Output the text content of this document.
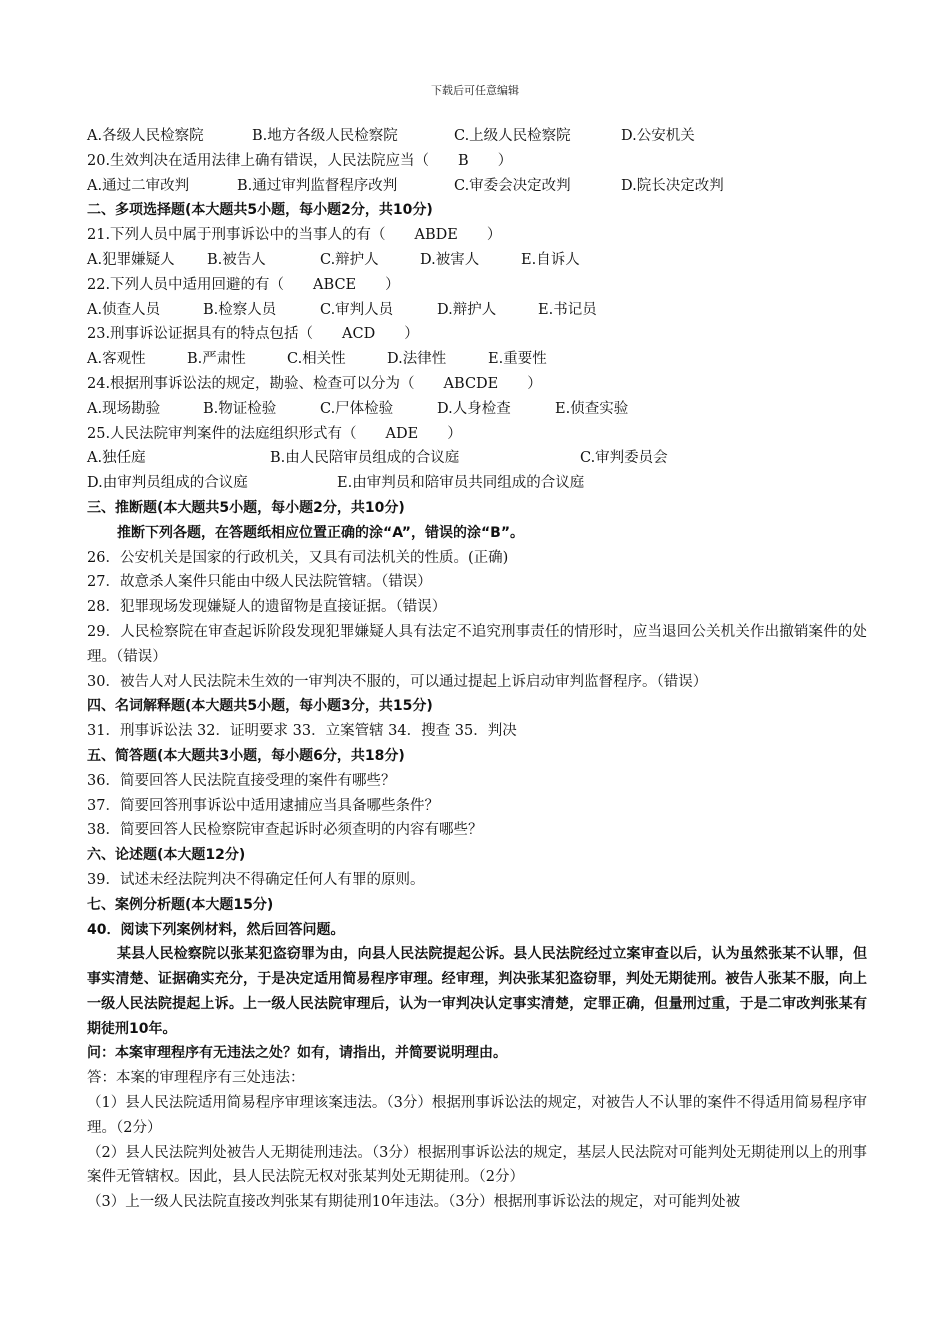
下载后可任意编辑
A.各级人民检察院	B.地方各级人民检察院	C.上级人民检察院	D.公安机关
20.生效判决在适用法律上确有错误，人民法院应当（　　B　　）
A.通过二审改判	B.通过审判监督程序改判	C.审委会决定改判	D.院长决定改判
二、多项选择题(本大题共5小题，每小题2分，共10分)
21.下列人员中属于刑事诉讼中的当事人的有（　　ABDE　　）
A.犯罪嫌疑人	B.被告人	C.辩护人	D.被害人	E.自诉人
22.下列人员中适用回避的有（　　ABCE　　）
A.侦查人员	B.检察人员	C.审判人员	D.辩护人	E.书记员
23.刑事诉讼证据具有的特点包括（　　ACD　　）
A.客观性	B.严肃性	C.相关性	D.法律性	E.重要性
24.根据刑事诉讼法的规定，勘验、检查可以分为（　　ABCDE　　）
A.现场勘验	B.物证检验	C.尸体检验	D.人身检查	E.侦查实验
25.人民法院审判案件的法庭组织形式有（　　ADE　　）
A.独任庭	B.由人民陪审员组成的合议庭	C.审判委员会
D.由审判员组成的合议庭	E.由审判员和陪审员共同组成的合议庭
三、推断题(本大题共5小题，每小题2分，共10分)
推断下列各题，在答题纸相应位置正确的涂“A”，错误的涂“B”。
26．公安机关是国家的行政机关，又具有司法机关的性质。(正确)
27．故意杀人案件只能由中级人民法院管辖。（错误）
28．犯罪现场发现嫌疑人的遗留物是直接证据。（错误）
29．人民检察院在审查起诉阶段发现犯罪嫌疑人具有法定不追究刑事责任的情形时，应当退回公关机关作出撤销案件的处理。（错误）
30．被告人对人民法院未生效的一审判决不服的，可以通过提起上诉启动审判监督程序。（错误）
四、名词解释题(本大题共5小题，每小题3分，共15分)
31．刑事诉讼法 32．证明要求 33．立案管辖 34．搜查 35．判决
五、简答题(本大题共3小题，每小题6分，共18分)
36．简要回答人民法院直接受理的案件有哪些？
37．简要回答刑事诉讼中适用逮捕应当具备哪些条件？
38．简要回答人民检察院审查起诉时必须查明的内容有哪些？
六、论述题(本大题12分)
39．试述未经法院判决不得确定任何人有罪的原则。
七、案例分析题(本大题15分)
40．阅读下列案例材料，然后回答问题。
某县人民检察院以张某犯盗窃罪为由，向县人民法院提起公诉。县人民法院经过立案审查以后，认为虽然张某不认罪，但事实清楚、证据确实充分，于是决定适用简易程序审理。经审理，判决张某犯盗窃罪，判处无期徒刑。被告人张某不服，向上一级人民法院提起上诉。上一级人民法院审理后，认为一审判决认定事实清楚，定罪正确，但量刑过重，于是二审改判张某有期徒刑10年。
问：本案审理程序有无违法之处？如有，请指出，并简要说明理由。
答：本案的审理程序有三处违法：
（1）县人民法院适用简易程序审理该案违法。（3分）根据刑事诉讼法的规定，对被告人不认罪的案件不得适用简易程序审理。（2分）
（2）县人民法院判处被告人无期徒刑违法。（3分）根据刑事诉讼法的规定，基层人民法院对可能判处无期徒刑以上的刑事案件无管辖权。因此，县人民法院无权对张某判处无期徒刑。（2分）
（3）上一级人民法院直接改判张某有期徒刑10年违法。（3分）根据刑事诉讼法的规定，对可能判处被
